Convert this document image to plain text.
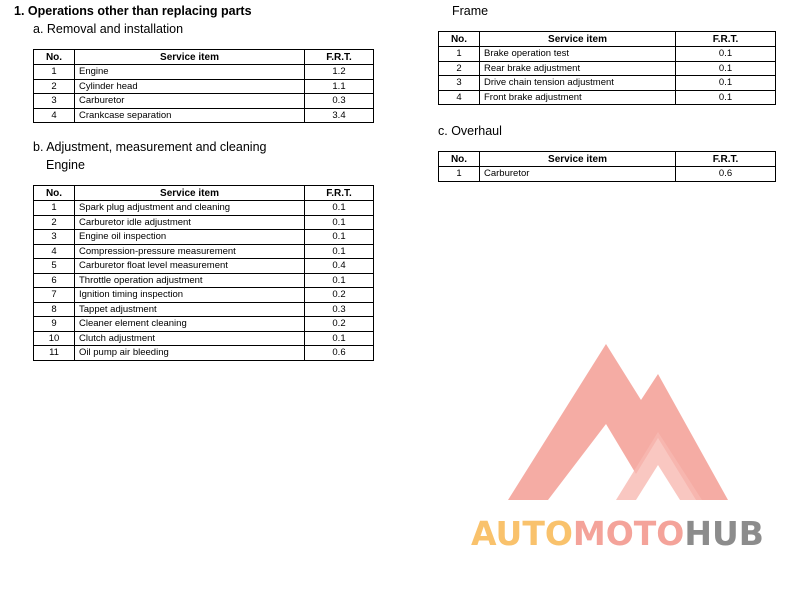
1. Operations other than replacing parts
a. Removal and installation
No.	Service item	F.R.T.
1	Engine	1.2
2	Cylinder head	1.1
3	Carburetor	0.3
4	Crankcase separation	3.4
b. Adjustment, measurement and cleaning
Engine
No.	Service item	F.R.T.
1	Spark plug adjustment and cleaning	0.1
2	Carburetor idle adjustment	0.1
3	Engine oil inspection	0.1
4	Compression-pressure measurement	0.1
5	Carburetor float level measurement	0.4
6	Throttle operation adjustment	0.1
7	Ignition timing inspection	0.2
8	Tappet adjustment	0.3
9	Cleaner element cleaning	0.2
10	Clutch adjustment	0.1
11	Oil pump air bleeding	0.6
Frame
No.	Service item	F.R.T.
1	Brake operation test	0.1
2	Rear brake adjustment	0.1
3	Drive chain tension adjustment	0.1
4	Front brake adjustment	0.1
c. Overhaul
No.	Service item	F.R.T.
1	Carburetor	0.6
AUTOMOTOHUB
